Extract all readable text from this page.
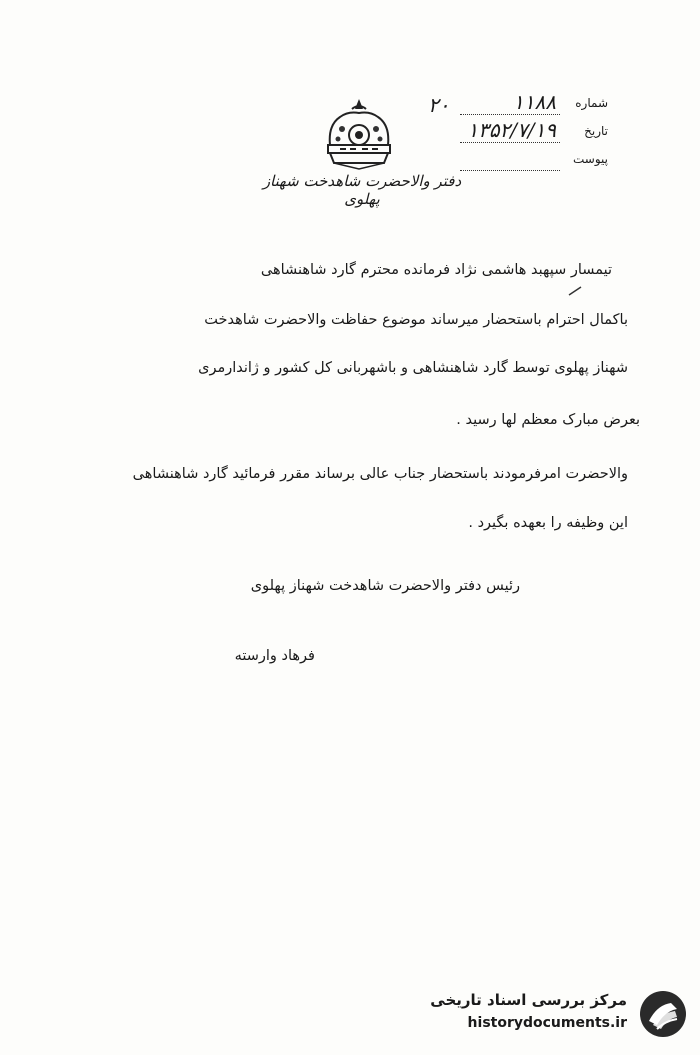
دفتر والاحضرت شاهدخت شهناز پهلوی
۲۰	شماره
۱۱۸۸
تاریخ
۱۳۵۲/۷/۱۹
پیوست
تیمسار سپهبد هاشمی نژاد فرمانده محترم گارد شاهنشاهی
باکمال احترام باستحضار میرساند موضوع حفاظت والاحضرت شاهدخت
شهناز پهلوی توسط گارد شاهنشاهی و باشهربانی کل کشور و ژاندارمری
بعرض مبارک معظم لها رسید .
والاحضرت امرفرمودند باستحضار جناب عالی برساند مقرر فرمائید گارد شاهنشاهی
این وظیفه را بعهده بگیرد .
رئیس دفتر والاحضرت شاهدخت شهناز پهلوی
فرهاد وارسته
مرکز بررسی اسناد تاریخی
historydocuments.ir
